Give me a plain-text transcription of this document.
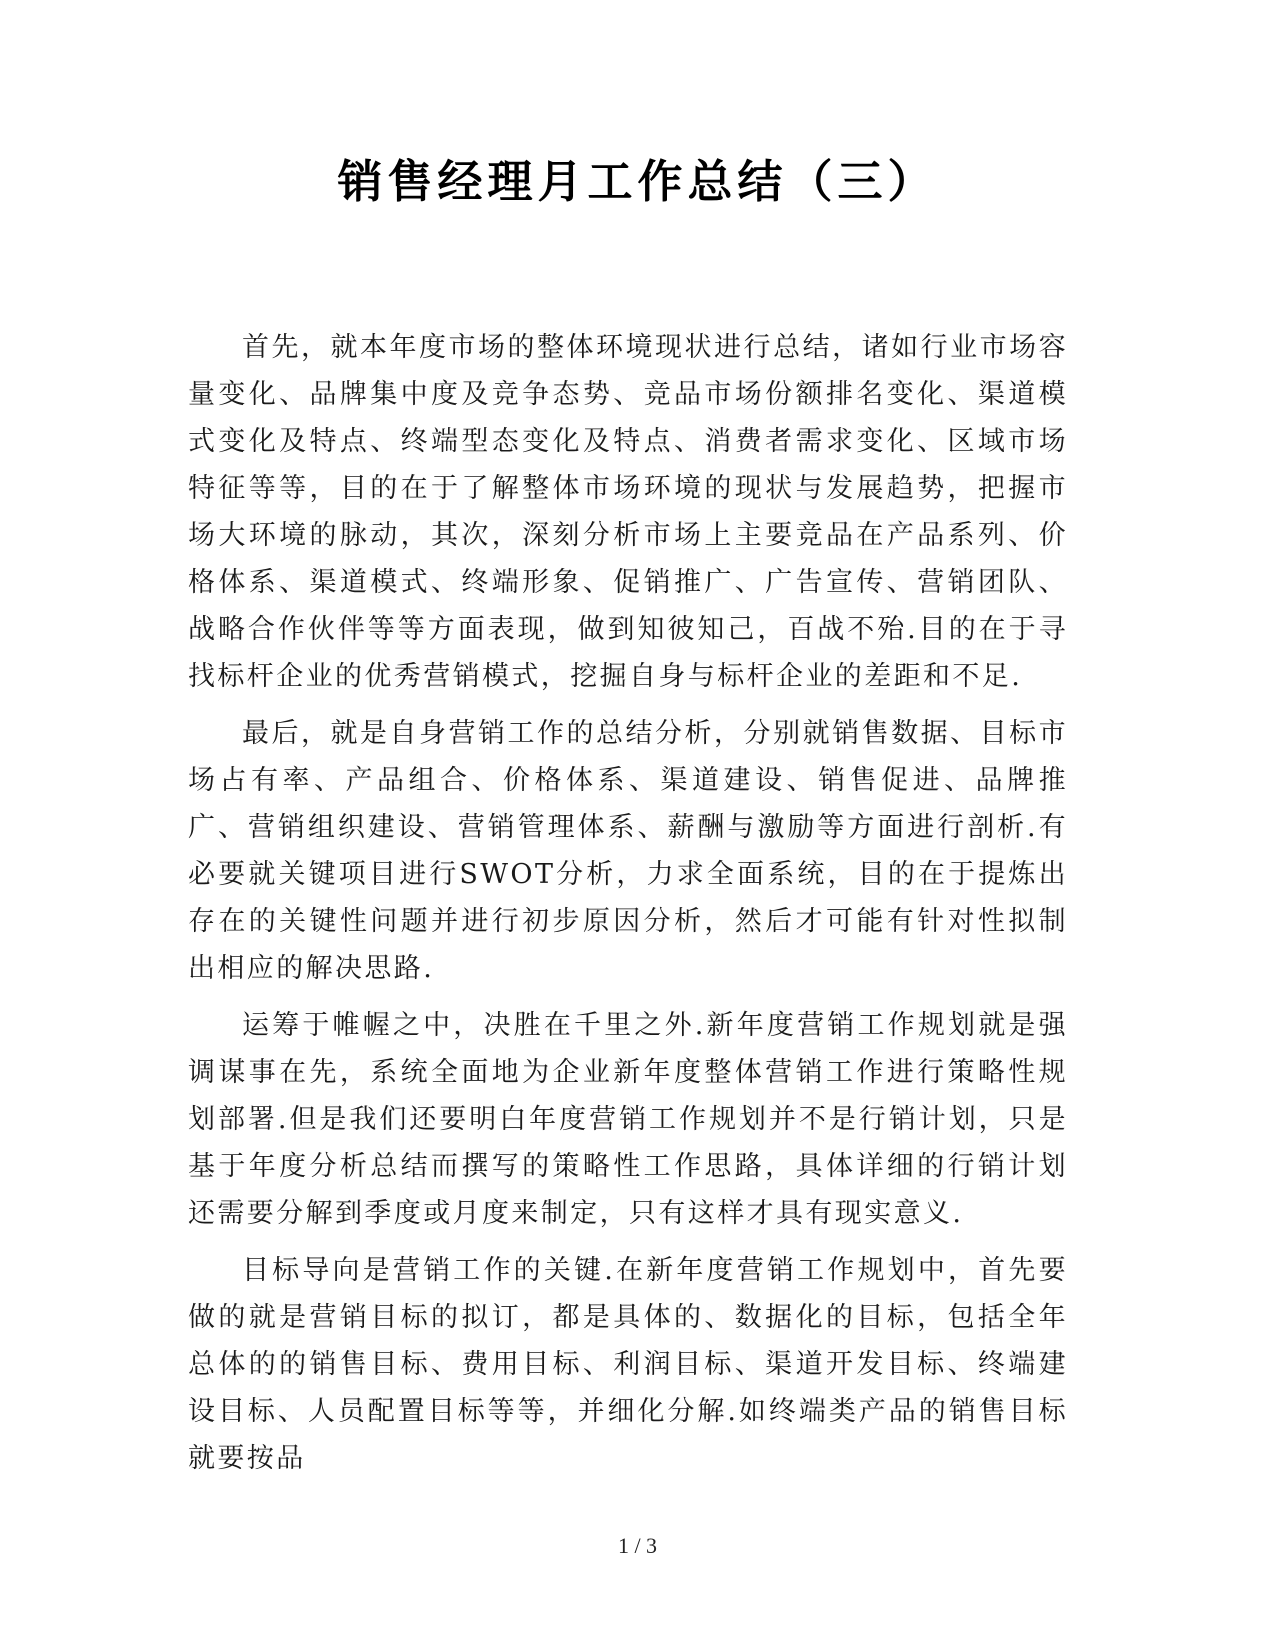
销售经理月工作总结（三）

首先，就本年度市场的整体环境现状进行总结，诸如行业市场容量变化、品牌集中度及竞争态势、竞品市场份额排名变化、渠道模式变化及特点、终端型态变化及特点、消费者需求变化、区域市场特征等等，目的在于了解整体市场环境的现状与发展趋势，把握市场大环境的脉动，其次，深刻分析市场上主要竞品在产品系列、价格体系、渠道模式、终端形象、促销推广、广告宣传、营销团队、战略合作伙伴等等方面表现，做到知彼知己，百战不殆.目的在于寻找标杆企业的优秀营销模式，挖掘自身与标杆企业的差距和不足.

最后，就是自身营销工作的总结分析，分别就销售数据、目标市场占有率、产品组合、价格体系、渠道建设、销售促进、品牌推广、营销组织建设、营销管理体系、薪酬与激励等方面进行剖析.有必要就关键项目进行SWOT分析，力求全面系统，目的在于提炼出存在的关键性问题并进行初步原因分析，然后才可能有针对性拟制出相应的解决思路.

运筹于帷幄之中，决胜在千里之外.新年度营销工作规划就是强调谋事在先，系统全面地为企业新年度整体营销工作进行策略性规划部署.但是我们还要明白年度营销工作规划并不是行销计划，只是基于年度分析总结而撰写的策略性工作思路，具体详细的行销计划还需要分解到季度或月度来制定，只有这样才具有现实意义.

目标导向是营销工作的关键.在新年度营销工作规划中，首先要做的就是营销目标的拟订，都是具体的、数据化的目标，包括全年总体的的销售目标、费用目标、利润目标、渠道开发目标、终端建设目标、人员配置目标等等，并细化分解.如终端类产品的销售目标就要按品

1 / 3
